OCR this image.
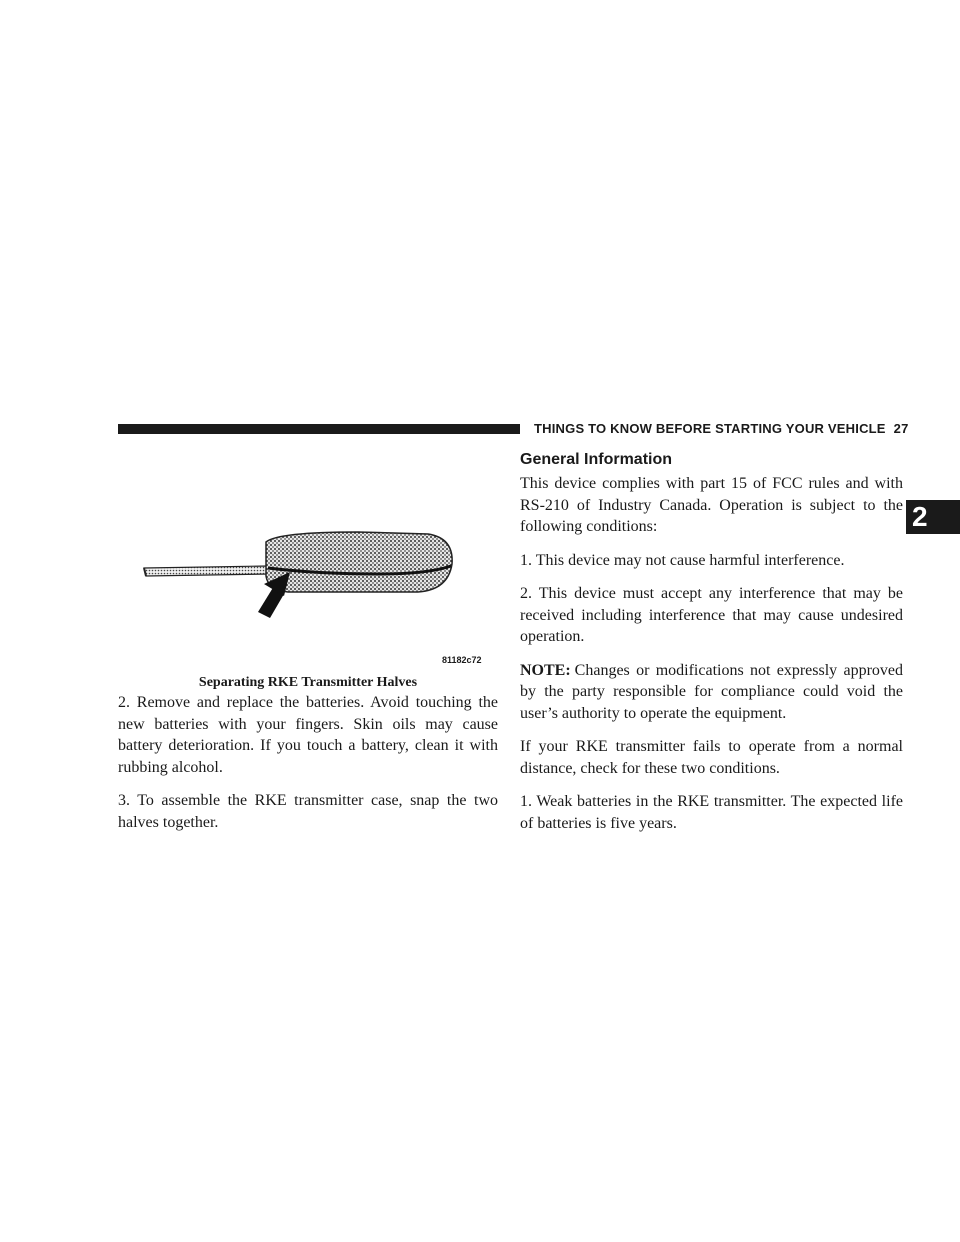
THINGS TO KNOW BEFORE STARTING YOUR VEHICLE 27
2
81182c72
Separating RKE Transmitter Halves

2. Remove and replace the batteries. Avoid touching the new batteries with your fingers. Skin oils may cause battery deterioration. If you touch a battery, clean it with rubbing alcohol.

3. To assemble the RKE transmitter case, snap the two halves together.

General Information

This device complies with part 15 of FCC rules and with RS-210 of Industry Canada. Operation is subject to the following conditions:

1. This device may not cause harmful interference.

2. This device must accept any interference that may be received including interference that may cause undesired operation.

NOTE: Changes or modifications not expressly approved by the party responsible for compliance could void the user’s authority to operate the equipment.

If your RKE transmitter fails to operate from a normal distance, check for these two conditions.

1. Weak batteries in the RKE transmitter. The expected life of batteries is five years.
